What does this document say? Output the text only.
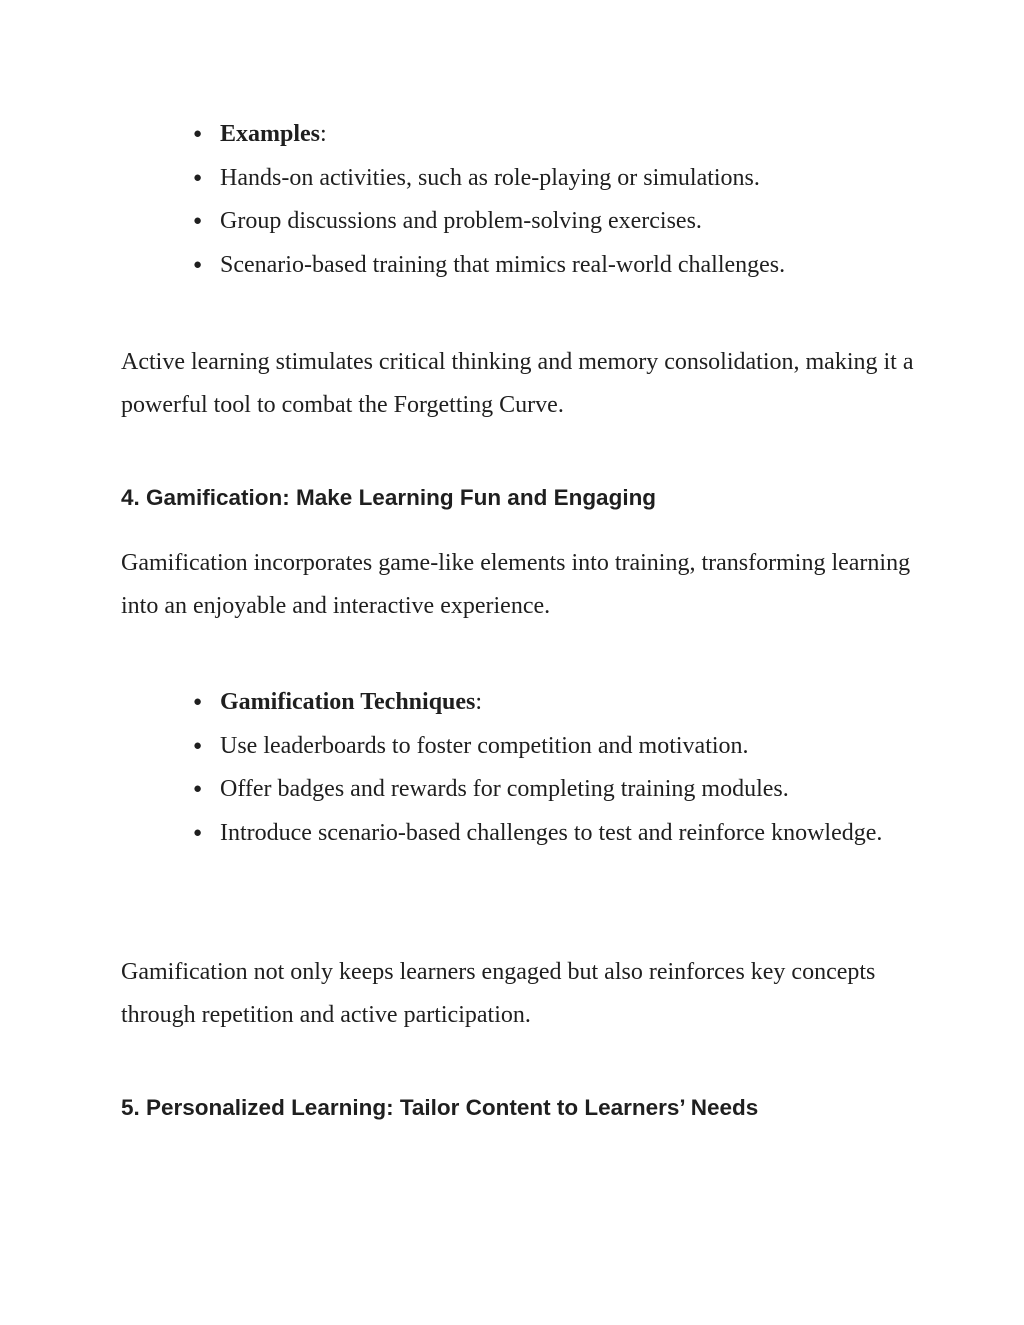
● Examples:
● Hands-on activities, such as role-playing or simulations.
● Group discussions and problem-solving exercises.
● Scenario-based training that mimics real-world challenges.

Active learning stimulates critical thinking and memory consolidation, making it a powerful tool to combat the Forgetting Curve.

4. Gamification: Make Learning Fun and Engaging

Gamification incorporates game-like elements into training, transforming learning into an enjoyable and interactive experience.

● Gamification Techniques:
● Use leaderboards to foster competition and motivation.
● Offer badges and rewards for completing training modules.
● Introduce scenario-based challenges to test and reinforce knowledge.

Gamification not only keeps learners engaged but also reinforces key concepts through repetition and active participation.

5. Personalized Learning: Tailor Content to Learners’ Needs
